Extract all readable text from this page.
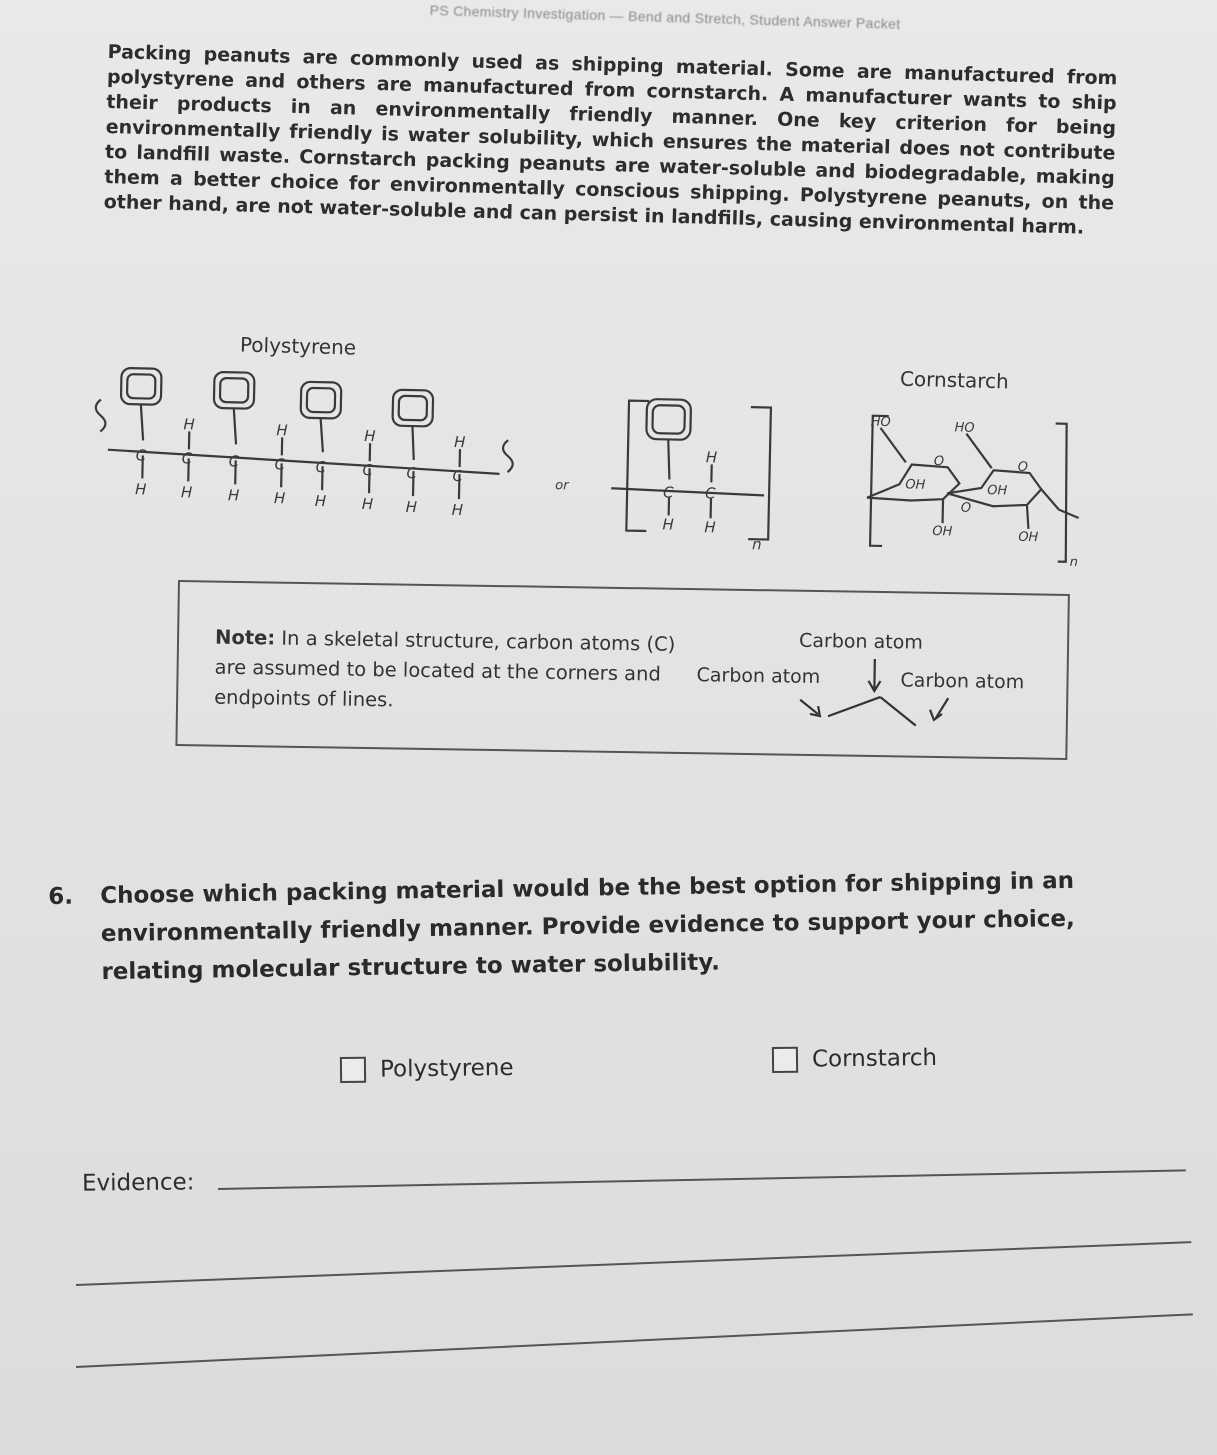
PS Chemistry Investigation — Bend and Stretch, Student Answer Packet
Packing peanuts are commonly used as shipping material. Some are manufactured from polystyrene and others are manufactured from cornstarch. A manufacturer wants to ship their products in an environmentally friendly manner. One key criterion for being environmentally friendly is water solubility, which ensures the material does not contribute to landfill waste. Cornstarch packing peanuts are water-soluble and biodegradable, making them a better choice for environmentally conscious shipping. Polystyrene peanuts, on the other hand, are not water-soluble and can persist in landfills, causing environmental harm.
Polystyrene
Cornstarch
C C C C C C C C
H	H	H	H
H H H H H H H H
or	C C
H
H H
n
HO	HO
O	O
OH	OH
O
OH	OH
n
Note: In a skeletal structure, carbon atoms (C) are assumed to be located at the corners and endpoints of lines.
Carbon atom
Carbon atom	Carbon atom
6. Choose which packing material would be the best option for shipping in an environmentally friendly manner. Provide evidence to support your choice, relating molecular structure to water solubility.
Polystyrene	Cornstarch
Evidence:
